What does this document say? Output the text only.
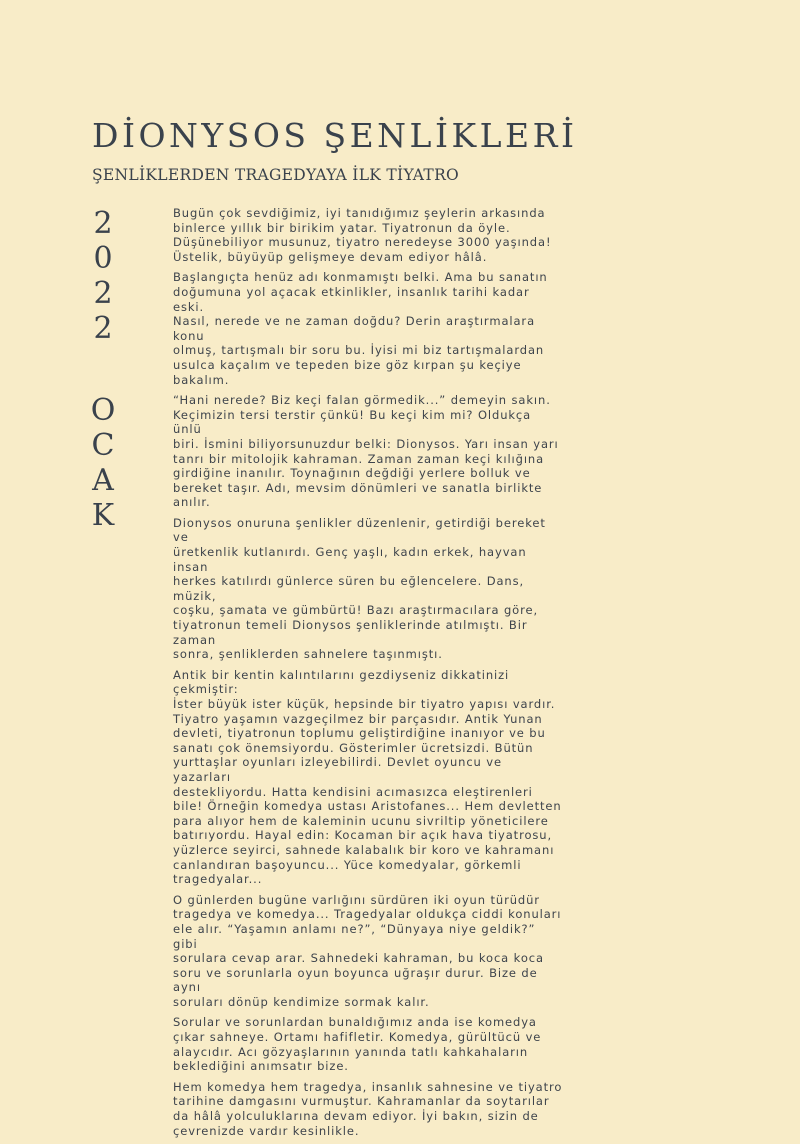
DİONYSOS ŞENLİKLERİ
ŞENLİKLERDEN TRAGEDYAYA İLK TİYATRO
2
0
2
2
O
C
A
K

Bugün çok sevdiğimiz, iyi tanıdığımız şeylerin arkasında
binlerce yıllık bir birikim yatar. Tiyatronun da öyle.
Düşünebiliyor musunuz, tiyatro neredeyse 3000 yaşında!
Üstelik, büyüyüp gelişmeye devam ediyor hâlâ.

Başlangıçta henüz adı konmamıştı belki. Ama bu sanatın
doğumuna yol açacak etkinlikler, insanlık tarihi kadar eski.
Nasıl, nerede ve ne zaman doğdu? Derin araştırmalara konu
olmuş, tartışmalı bir soru bu. İyisi mi biz tartışmalardan
usulca kaçalım ve tepeden bize göz kırpan şu keçiye bakalım.

“Hani nerede? Biz keçi falan görmedik...” demeyin sakın.
Keçimizin tersi terstir çünkü! Bu keçi kim mi? Oldukça ünlü
biri. İsmini biliyorsunuzdur belki: Dionysos. Yarı insan yarı
tanrı bir mitolojik kahraman. Zaman zaman keçi kılığına
girdiğine inanılır. Toynağının değdiği yerlere bolluk ve
bereket taşır. Adı, mevsim dönümleri ve sanatla birlikte
anılır.

Dionysos onuruna şenlikler düzenlenir, getirdiği bereket ve
üretkenlik kutlanırdı. Genç yaşlı, kadın erkek, hayvan insan
herkes katılırdı günlerce süren bu eğlencelere. Dans, müzik,
coşku, şamata ve gümbürtü! Bazı araştırmacılara göre,
tiyatronun temeli Dionysos şenliklerinde atılmıştı. Bir zaman
sonra, şenliklerden sahnelere taşınmıştı.

Antik bir kentin kalıntılarını gezdiyseniz dikkatinizi çekmiştir:
İster büyük ister küçük, hepsinde bir tiyatro yapısı vardır.
Tiyatro yaşamın vazgeçilmez bir parçasıdır. Antik Yunan
devleti, tiyatronun toplumu geliştirdiğine inanıyor ve bu
sanatı çok önemsiyordu. Gösterimler ücretsizdi. Bütün
yurttaşlar oyunları izleyebilirdi. Devlet oyuncu ve yazarları
destekliyordu. Hatta kendisini acımasızca eleştirenleri
bile! Örneğin komedya ustası Aristofanes... Hem devletten
para alıyor hem de kaleminin ucunu sivriltip yöneticilere
batırıyordu. Hayal edin: Kocaman bir açık hava tiyatrosu,
yüzlerce seyirci, sahnede kalabalık bir koro ve kahramanı
canlandıran başoyuncu... Yüce komedyalar, görkemli
tragedyalar...

O günlerden bugüne varlığını sürdüren iki oyun türüdür
tragedya ve komedya... Tragedyalar oldukça ciddi konuları
ele alır. “Yaşamın anlamı ne?”, “Dünyaya niye geldik?” gibi
sorulara cevap arar. Sahnedeki kahraman, bu koca koca
soru ve sorunlarla oyun boyunca uğraşır durur. Bize de aynı
soruları dönüp kendimize sormak kalır.

Sorular ve sorunlardan bunaldığımız anda ise komedya
çıkar sahneye. Ortamı hafifletir. Komedya, gürültücü ve
alaycıdır. Acı gözyaşlarının yanında tatlı kahkahaların
beklediğini anımsatır bize.

Hem komedya hem tragedya, insanlık sahnesine ve tiyatro
tarihine damgasını vurmuştur. Kahramanlar da soytarılar
da hâlâ yolculuklarına devam ediyor. İyi bakın, sizin de
çevrenizde vardır kesinlikle.
